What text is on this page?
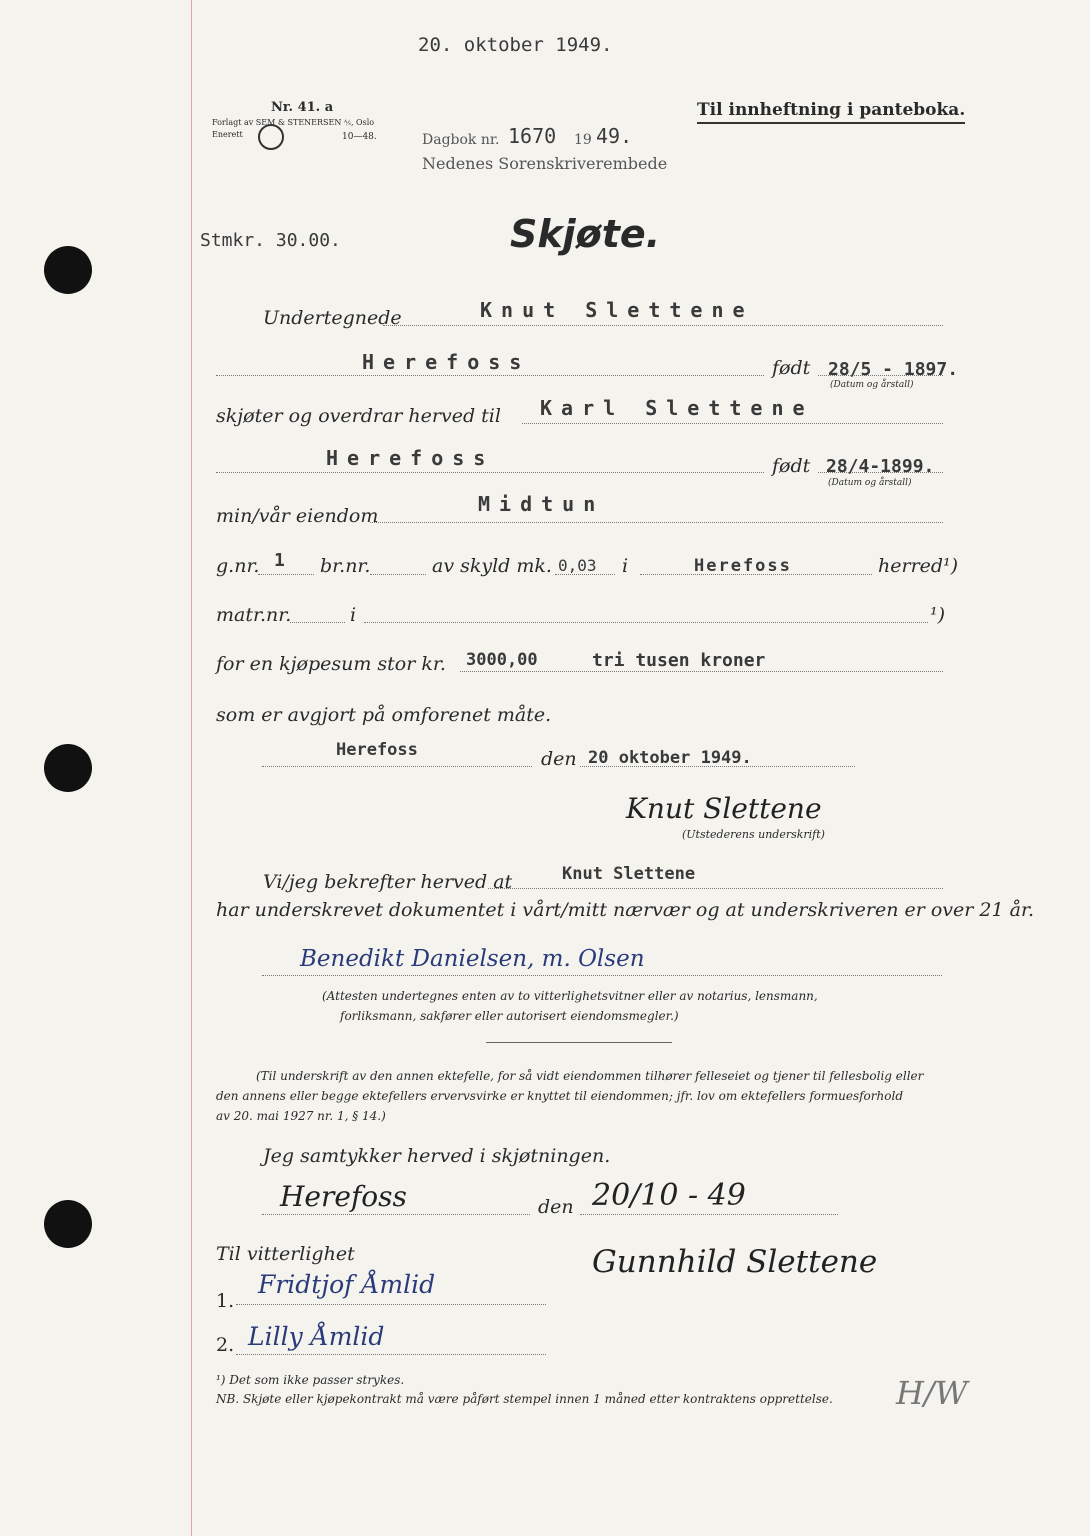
20. oktober 1949.
Nr. 41. a
Forlagt av SEM & STENERSEN ⅍, Oslo
Enerett	10—48.
Til innheftning i panteboka.
Dagbok nr. 1670 19 49.
Nedenes Sorenskriverembede
Stmkr. 30.00.	Skjøte.
Undertegnede	Knut Slettene
Herefoss	født 28/5 - 1897.
(Datum og årstall)
skjøter og overdrar herved til Karl Slettene
Herefoss	født 28/4-1899.
(Datum og årstall)
min/vår eiendom	Midtun
g.nr. 1 br.nr.	av skyld mk. 0,03 i	Herefoss	herred¹)
matr.nr.	i	¹)
for en kjøpesum stor kr. 3000,00	tri tusen kroner
som er avgjort på omforenet måte.
Herefoss	den 20 oktober 1949.
Knut Slettene
(Utstederens underskrift)
Vi/jeg bekrefter herved at	Knut Slettene
har underskrevet dokumentet i vårt/mitt nærvær og at underskriveren er over 21 år.
Benedikt Danielsen, m. Olsen
(Attesten undertegnes enten av to vitterlighetsvitner eller av notarius, lensmann,
forliksmann, sakfører eller autorisert eiendomsmegler.)
(Til underskrift av den annen ektefelle, for så vidt eiendommen tilhører felleseiet og tjener til fellesbolig eller
den annens eller begge ektefellers ervervsvirke er knyttet til eiendommen; jfr. lov om ektefellers formuesforhold
av 20. mai 1927 nr. 1, § 14.)
Jeg samtykker herved i skjøtningen.
Herefoss	den 20/10 - 49
Gunnhild Slettene
Til vitterlighet
1.
Fridtjof Åmlid
2. Lilly Åmlid
¹) Det som ikke passer strykes.
NB. Skjøte eller kjøpekontrakt må være påført stempel innen 1 måned etter kontraktens opprettelse. H/W
